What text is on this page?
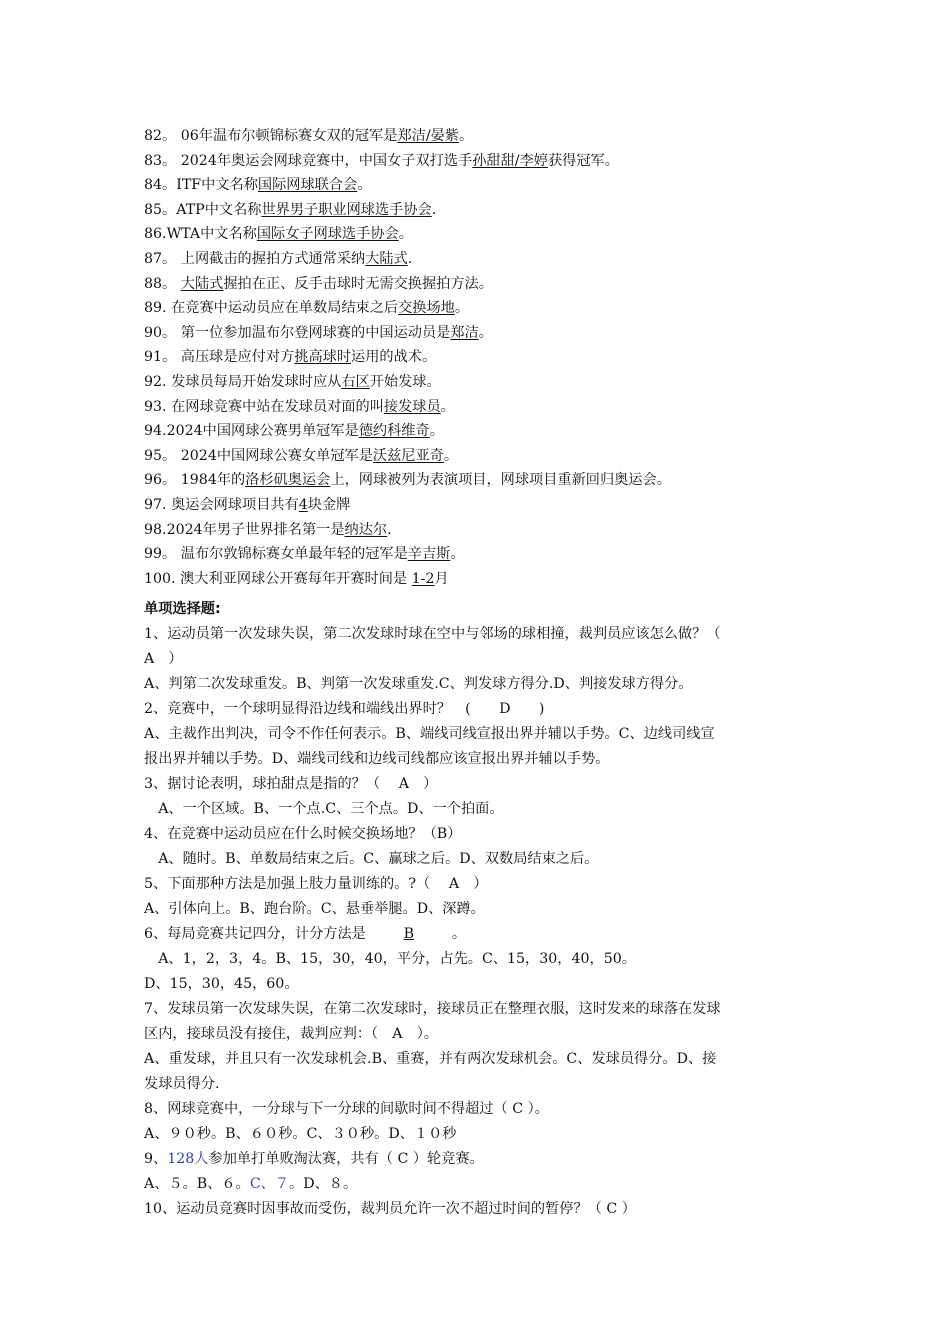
82。 06年温布尔顿锦标赛女双的冠军是郑洁/晏紫。
83。 2024年奥运会网球竞赛中，中国女子双打选手孙甜甜/李婷获得冠军。
84。ITF中文名称国际网球联合会。
85。ATP中文名称世界男子职业网球选手协会.
86.WTA中文名称国际女子网球选手协会。
87。 上网截击的握拍方式通常采纳大陆式.
88。 大陆式握拍在正、反手击球时无需交换握拍方法。
89. 在竞赛中运动员应在单数局结束之后交换场地。
90。 第一位参加温布尔登网球赛的中国运动员是郑洁。
91。 高压球是应付对方挑高球时运用的战术。
92. 发球员每局开始发球时应从右区开始发球。
93. 在网球竞赛中站在发球员对面的叫接发球员。
94.2024中国网球公赛男单冠军是德约科维奇。
95。 2024中国网球公赛女单冠军是沃兹尼亚奇。
96。 1984年的洛杉矶奥运会上，网球被列为表演项目，网球项目重新回归奥运会。
97. 奥运会网球项目共有4块金牌
98.2024年男子世界排名第一是纳达尔.
99。 温布尔敦锦标赛女单最年轻的冠军是辛吉斯。
100. 澳大利亚网球公开赛每年开赛时间是 1-2月
单项选择题:
1、运动员第一次发球失误，第二次发球时球在空中与邻场的球相撞，裁判员应该怎么做？（
A　）
A、判第二次发球重发。B、判第一次发球重发.C、判发球方得分.D、判接发球方得分。
2、竞赛中，一个球明显得沿边线和端线出界时？　(　　D　　)
A、主裁作出判决，司令不作任何表示。B、端线司线宣报出界并辅以手势。C、边线司线宣
报出界并辅以手势。D、端线司线和边线司线都应该宣报出界并辅以手势。
3、据讨论表明，球拍甜点是指的？（　 A　）
　A、一个区域。B、一个点.C、三个点。D、一个拍面。
4、在竞赛中运动员应在什么时候交换场地？（B）
　A、随时。B、单数局结束之后。C、赢球之后。D、双数局结束之后。
5、下面那种方法是加强上肢力量训练的。?（　 A　）
A、引体向上。B、跑台阶。C、悬垂举腿。D、深蹲。
6、每局竞赛共记四分，计分方法是	B	。
　A、1，2，3，4。B、15，30，40，平分，占先。C、15，30，40，50。
D、15，30，45，60。
7、发球员第一次发球失误，在第二次发球时，接球员正在整理衣服，这时发来的球落在发球
区内，接球员没有接住，裁判应判：（　A　）。
A、重发球，并且只有一次发球机会.B、重赛，并有两次发球机会。C、发球员得分。D、接
发球员得分.
8、网球竞赛中，一分球与下一分球的间歇时间不得超过（ C ）。
A、９０秒。B、６０秒。C、３０秒。D、１０秒
9、128人参加单打单败淘汰赛，共有（ C ）轮竞赛。
A、５。B、６。C、７。D、８。
10、运动员竞赛时因事故而受伤，裁判员允许一次不超过时间的暂停？（ C ）
